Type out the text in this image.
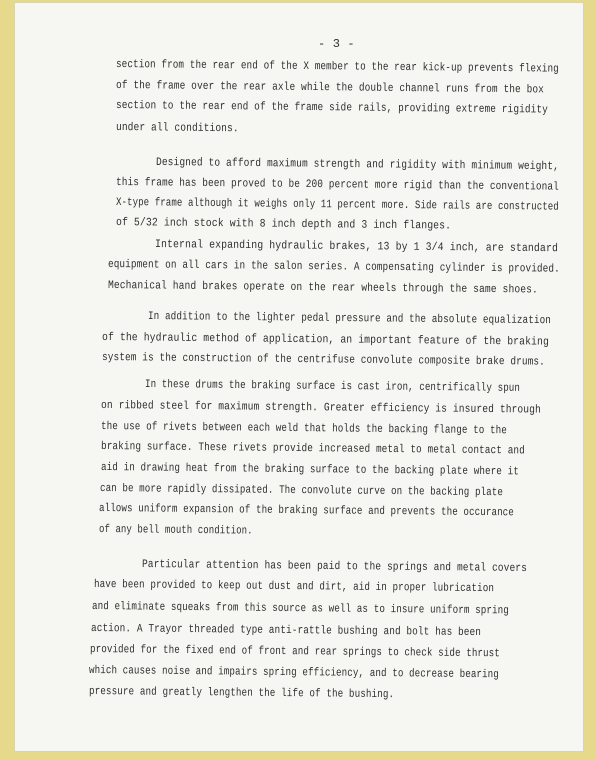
- 3 -
section from the rear end of the X member to the rear kick-up prevents flexing
of the frame over the rear axle while the double channel runs from the box
section to the rear end of the frame side rails, providing extreme rigidity
under all conditions.
Designed to afford maximum strength and rigidity with minimum weight,
this frame has been proved to be 200 percent more rigid than the conventional
X-type frame although it weighs only 11 percent more. Side rails are constructed
of 5/32 inch stock with 8 inch depth and 3 inch flanges.
Internal expanding hydraulic brakes, 13 by 1 3/4 inch, are standard
equipment on all cars in the salon series. A compensating cylinder is provided.
Mechanical hand brakes operate on the rear wheels through the same shoes.
In addition to the lighter pedal pressure and the absolute equalization
of the hydraulic method of application, an important feature of the braking
system is the construction of the centrifuse convolute composite brake drums.
In these drums the braking surface is cast iron, centrifically spun
on ribbed steel for maximum strength. Greater efficiency is insured through
the use of rivets between each weld that holds the backing flange to the
braking surface. These rivets provide increased metal to metal contact and
aid in drawing heat from the braking surface to the backing plate where it
can be more rapidly dissipated. The convolute curve on the backing plate
allows uniform expansion of the braking surface and prevents the occurance
of any bell mouth condition.
Particular attention has been paid to the springs and metal covers
have been provided to keep out dust and dirt, aid in proper lubrication
and eliminate squeaks from this source as well as to insure uniform spring
action. A Trayor threaded type anti-rattle bushing and bolt has been
provided for the fixed end of front and rear springs to check side thrust
which causes noise and impairs spring efficiency, and to decrease bearing
pressure and greatly lengthen the life of the bushing.
